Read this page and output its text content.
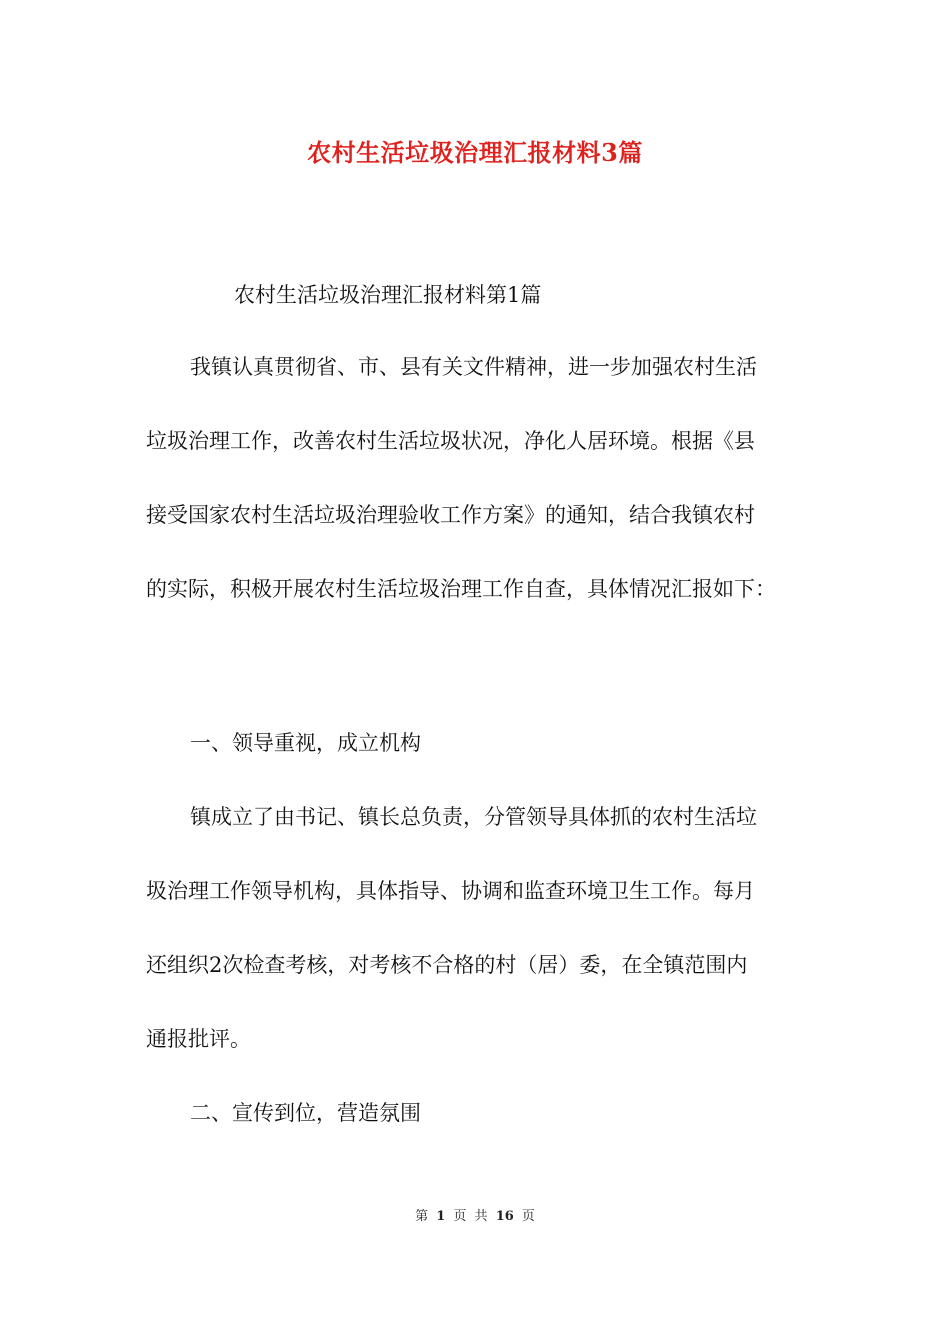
农村生活垃圾治理汇报材料3篇

农村生活垃圾治理汇报材料第1篇

我镇认真贯彻省、市、县有关文件精神，进一步加强农村生活

垃圾治理工作，改善农村生活垃圾状况，净化人居环境。根据《县

接受国家农村生活垃圾治理验收工作方案》的通知，结合我镇农村

的实际，积极开展农村生活垃圾治理工作自查，具体情况汇报如下：

一、领导重视，成立机构

镇成立了由书记、镇长总负责，分管领导具体抓的农村生活垃

圾治理工作领导机构，具体指导、协调和监查环境卫生工作。每月

还组织2次检查考核，对考核不合格的村（居）委，在全镇范围内

通报批评。

二、宣传到位，营造氛围

第 1 页 共 16 页
